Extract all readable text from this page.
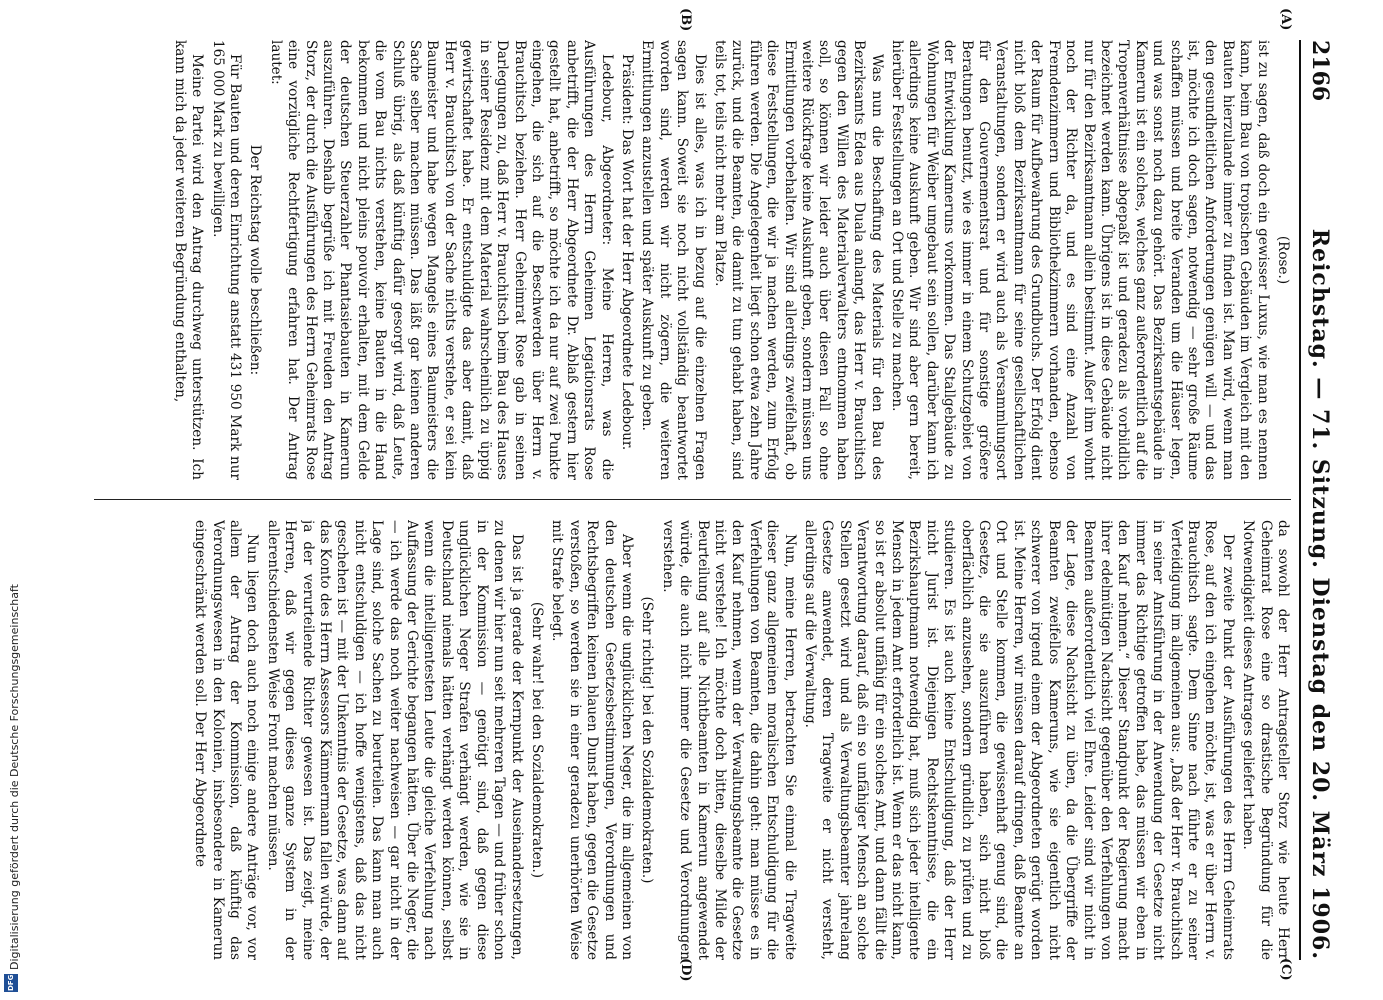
2166
Reichstag. — 71. Sitzung. Dienstag den 20. März 1906.
(A)
(B)
(C)
(D)

(Rose.)

ist zu sagen, daß doch ein gewisser Luxus, wie man es nennen kann, beim Bau von tropischen Gebäuden im Vergleich mit den Bauten hierzulande immer zu finden ist. Man wird, wenn man den gesundheitlichen Anforderungen genügen will — und das ist, möchte ich doch sagen, notwendig — sehr große Räume schaffen müssen und breite Veranden um die Häuser legen, und was sonst noch dazu gehört. Das Bezirksamtsgebäude in Kamerun ist ein solches, welches ganz außerordentlich auf die Tropenverhältnisse abgepaßt ist und geradezu als vorbildlich bezeichnet werden kann. Übrigens ist in diese Gebäude nicht nur für den Bezirksamtmann allein bestimmt. Außer ihm wohnt noch der Richter da, und es sind eine Anzahl von Fremdenzimmern und Bibliothekzimmern vorhanden, ebenso der Raum für Aufbewahrung des Grundbuchs. Der Erfolg dient nicht bloß dem Bezirksamtmann für seine gesellschaftlichen Veranstaltungen, sondern er wird auch als Versammlungsort für den Gouvernementsrat und für sonstige größere Beratungen benutzt, wie es immer in einem Schutzgebiet von der Entwicklung Kameruns vorkommen. Das Stallgebäude zu Wohnungen für Weiber umgebaut sein sollen, darüber kann ich allerdings keine Auskunft geben. Wir sind aber gern bereit, hierüber Feststellungen an Ort und Stelle zu machen.

Was nun die Beschaffung des Materials für den Bau des Bezirksamts Edea aus Duala anlangt, das Herr v. Brauchitsch gegen den Willen des Materialverwalters entnommen haben soll, so können wir leider auch über diesen Fall so ohne weitere Rückfrage keine Auskunft geben, sondern müssen uns Ermittlungen vorbehalten. Wir sind allerdings zweifelhaft, ob diese Feststellungen, die wir ja machen werden, zum Erfolg führen werden. Die Angelegenheit liegt schon etwa zehn Jahre zurück, und die Beamten, die damit zu tun gehabt haben, sind teils tot, teils nicht mehr am Platze.

Dies ist alles, was ich in bezug auf die einzelnen Fragen sagen kann. Soweit sie noch nicht vollständig beantwortet worden sind, werden wir nicht zögern, die weiteren Ermittlungen anzustellen und später Auskunft zu geben.

Präsident: Das Wort hat der Herr Abgeordnete Ledebour.

Ledebour, Abgeordneter: Meine Herren, was die Ausführungen des Herrn Geheimen Legationsrats Rose anbetrifft, die der Herr Abgeordnete Dr. Ablaß gestern hier gestellt hat, anbetrifft, so möchte ich da nur auf zwei Punkte eingehen, die sich auf die Beschwerden über Herrn v. Brauchitsch beziehen. Herr Geheimrat Rose gab in seinen Darlegungen zu, daß Herr v. Brauchitsch beim Bau des Hauses in seiner Residenz mit dem Material wahrscheinlich zu üppig gewirtschaftet habe. Er entschuldigte das aber damit, daß Herr v. Brauchitsch von der Sache nichts verstehe, er sei kein Baumeister und habe wegen Mangels eines Baumeisters die Sache selber machen müssen. Das läßt gar keinen anderen Schluß übrig, als daß künftig dafür gesorgt wird, daß Leute, die vom Bau nichts verstehen, keine Bauten in die Hand bekommen und nicht pleins pouvoir erhalten, mit dem Gelde der deutschen Steuerzahler Phantasiebauten in Kamerun auszuführen. Deshalb begrüße ich mit Freuden den Antrag Storz, der durch die Ausführungen des Herrn Geheimrats Rose eine vorzügliche Rechtfertigung erfahren hat. Der Antrag lautet:

Der Reichstag wolle beschließen:

Für Bauten und deren Einrichtung anstatt 431 950 Mark nur 165 000 Mark zu bewilligen.

Meine Partei wird den Antrag durchweg unterstützen. Ich kann mich da jeder weiteren Begründung enthalten,

da sowohl der Herr Antragsteller Storz wie heute Herr Geheimrat Rose eine so drastische Begründung für die Notwendigkeit dieses Antrages geliefert haben.

Der zweite Punkt der Ausführungen des Herrn Geheimrats Rose, auf den ich eingehen möchte, ist, was er über Herrn v. Brauchitsch sagte. Dem Sinne nach führte er zu seiner Verteidigung im allgemeinen aus: „Daß der Herr v. Brauchitsch in seiner Amtsführung in der Anwendung der Gesetze nicht immer das Richtige getroffen habe, das müssen wir eben in den Kauf nehmen.“ Dieser Standpunkt der Regierung macht ihrer edelmütigen Nachsicht gegenüber den Verfehlungen von Beamten außerordentlich viel Ehre. Leider sind wir nicht in der Lage, diese Nachsicht zu üben, da die Übergriffe der Beamten zweifellos Kameruns, wie sie eigentlich nicht schwerer von irgend einem der Abgeordneten gerügt worden ist. Meine Herren, wir müssen darauf dringen, daß Beamte an Ort und Stelle kommen, die gewissenhaft genug sind, die Gesetze, die sie auszuführen haben, sich nicht bloß oberflächlich anzusehen, sondern gründlich zu prüfen und zu studieren. Es ist auch keine Entschuldigung, daß der Herr nicht Jurist ist. Diejenigen Rechtskenntnisse, die ein Bezirkshauptmann notwendig hat, muß sich jeder intelligente Mensch in jedem Amt erforderlich ist. Wenn er das nicht kann, so ist er absolut unfähig für ein solches Amt, und dann fällt die Verantwortung darauf, daß ein so unfähiger Mensch an solche Stellen gesetzt wird und als Verwaltungsbeamter jahrelang Gesetze anwendet, deren Tragweite er nicht versteht, allerdings auf die Verwaltung.

Nun, meine Herren, betrachten Sie einmal die Tragweite dieser ganz allgemeinen moralischen Entschuldigung für die Verfehlungen von Beamten, die dahin geht: man müsse es in den Kauf nehmen, wenn der Verwaltungsbeamte die Gesetze nicht verstehe! Ich möchte doch bitten, dieselbe Milde der Beurteilung auf alle Nichtbeamten in Kamerun angewendet würde, die auch nicht immer die Gesetze und Verordnungen verstehen.

(Sehr richtig! bei den Sozialdemokraten.)

Aber wenn die unglücklichen Neger, die im allgemeinen von den deutschen Gesetzesbestimmungen, Verordnungen und Rechtsbegriffen keinen blauen Dunst haben, gegen die Gesetze verstoßen, so werden sie in einer geradezu unerhörten Weise mit Strafe belegt.

(Sehr wahr! bei den Sozialdemokraten.)

Das ist ja gerade der Kernpunkt der Auseinandersetzungen, zu denen wir hier nun seit mehreren Tagen — und früher schon in der Kommission — genötigt sind, daß gegen diese unglücklichen Neger Strafen verhängt werden, wie sie in Deutschland niemals hätten verhängt werden können, selbst wenn die intelligentesten Leute die gleiche Verfehlung nach Auffassung der Gerichte begangen hätten. Über die Neger, die — ich werde das noch weiter nachweisen — gar nicht in der Lage sind, solche Sachen zu beurteilen. Das kann man auch nicht entschuldigen — ich hoffe wenigstens, daß das nicht geschehen ist — mit der Unkenntnis der Gesetze, was dann auf das Konto des Herrn Assessors Kämmermann fallen würde, der ja der verurteilende Richter gewesen ist. Das zeigt, meine Herren, daß wir gegen dieses ganze System in der allerentschiedensten Weise Front machen müssen.

Nun liegen doch auch noch einige andere Anträge vor, vor allem der Antrag der Kommission, daß künftig das Verordnungswesen in den Kolonien, insbesondere in Kamerun eingeschränkt werden soll. Der Herr Abgeordnete

Digitalisierung gefördert durch die Deutsche Forschungsgemeinschaft
DFG
